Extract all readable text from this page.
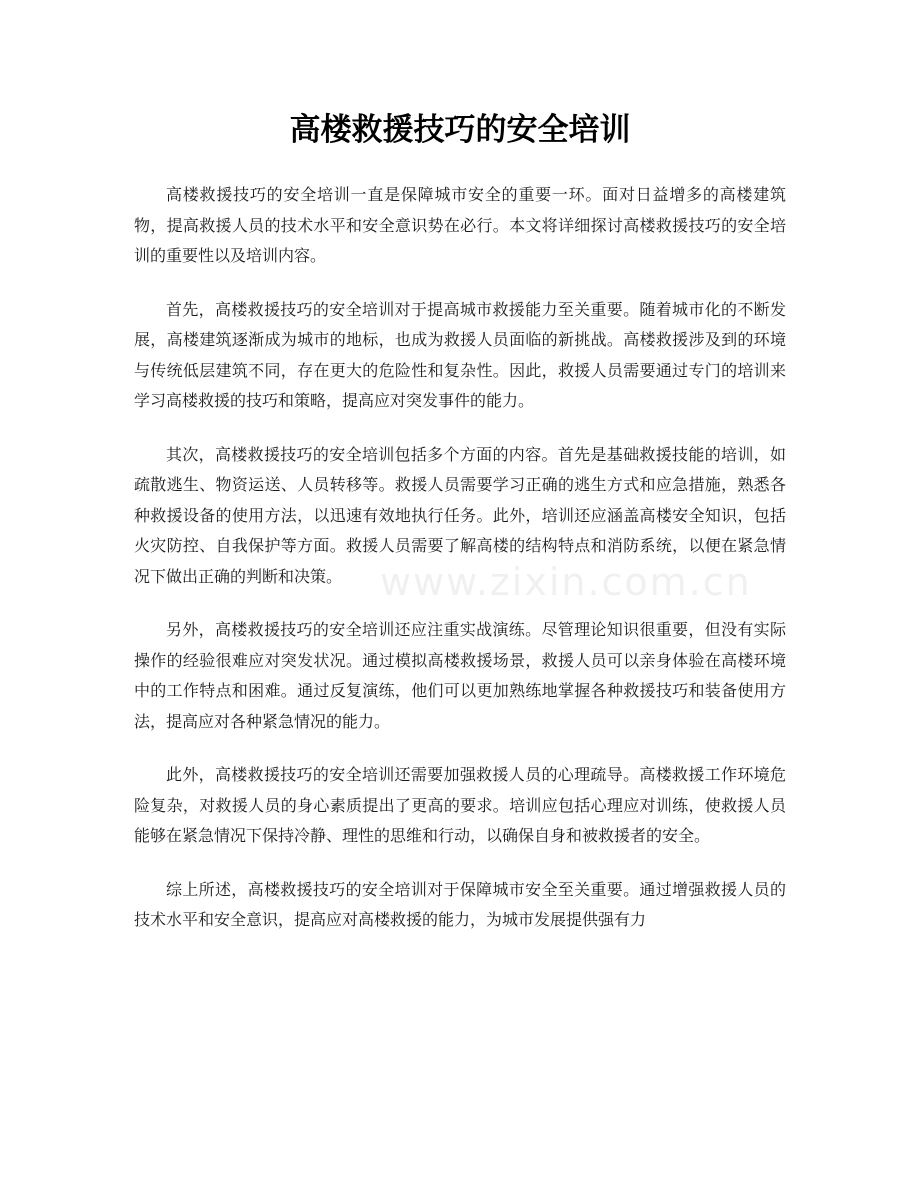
高楼救援技巧的安全培训
www.zixin.com.cn

高楼救援技巧的安全培训一直是保障城市安全的重要一环。面对日益增多的高楼建筑物，提高救援人员的技术水平和安全意识势在必行。本文将详细探讨高楼救援技巧的安全培训的重要性以及培训内容。

首先，高楼救援技巧的安全培训对于提高城市救援能力至关重要。随着城市化的不断发展，高楼建筑逐渐成为城市的地标，也成为救援人员面临的新挑战。高楼救援涉及到的环境与传统低层建筑不同，存在更大的危险性和复杂性。因此，救援人员需要通过专门的培训来学习高楼救援的技巧和策略，提高应对突发事件的能力。

其次，高楼救援技巧的安全培训包括多个方面的内容。首先是基础救援技能的培训，如疏散逃生、物资运送、人员转移等。救援人员需要学习正确的逃生方式和应急措施，熟悉各种救援设备的使用方法，以迅速有效地执行任务。此外，培训还应涵盖高楼安全知识，包括火灾防控、自我保护等方面。救援人员需要了解高楼的结构特点和消防系统，以便在紧急情况下做出正确的判断和决策。

另外，高楼救援技巧的安全培训还应注重实战演练。尽管理论知识很重要，但没有实际操作的经验很难应对突发状况。通过模拟高楼救援场景，救援人员可以亲身体验在高楼环境中的工作特点和困难。通过反复演练，他们可以更加熟练地掌握各种救援技巧和装备使用方法，提高应对各种紧急情况的能力。

此外，高楼救援技巧的安全培训还需要加强救援人员的心理疏导。高楼救援工作环境危险复杂，对救援人员的身心素质提出了更高的要求。培训应包括心理应对训练，使救援人员能够在紧急情况下保持冷静、理性的思维和行动，以确保自身和被救援者的安全。

综上所述，高楼救援技巧的安全培训对于保障城市安全至关重要。通过增强救援人员的技术水平和安全意识，提高应对高楼救援的能力，为城市发展提供强有力
